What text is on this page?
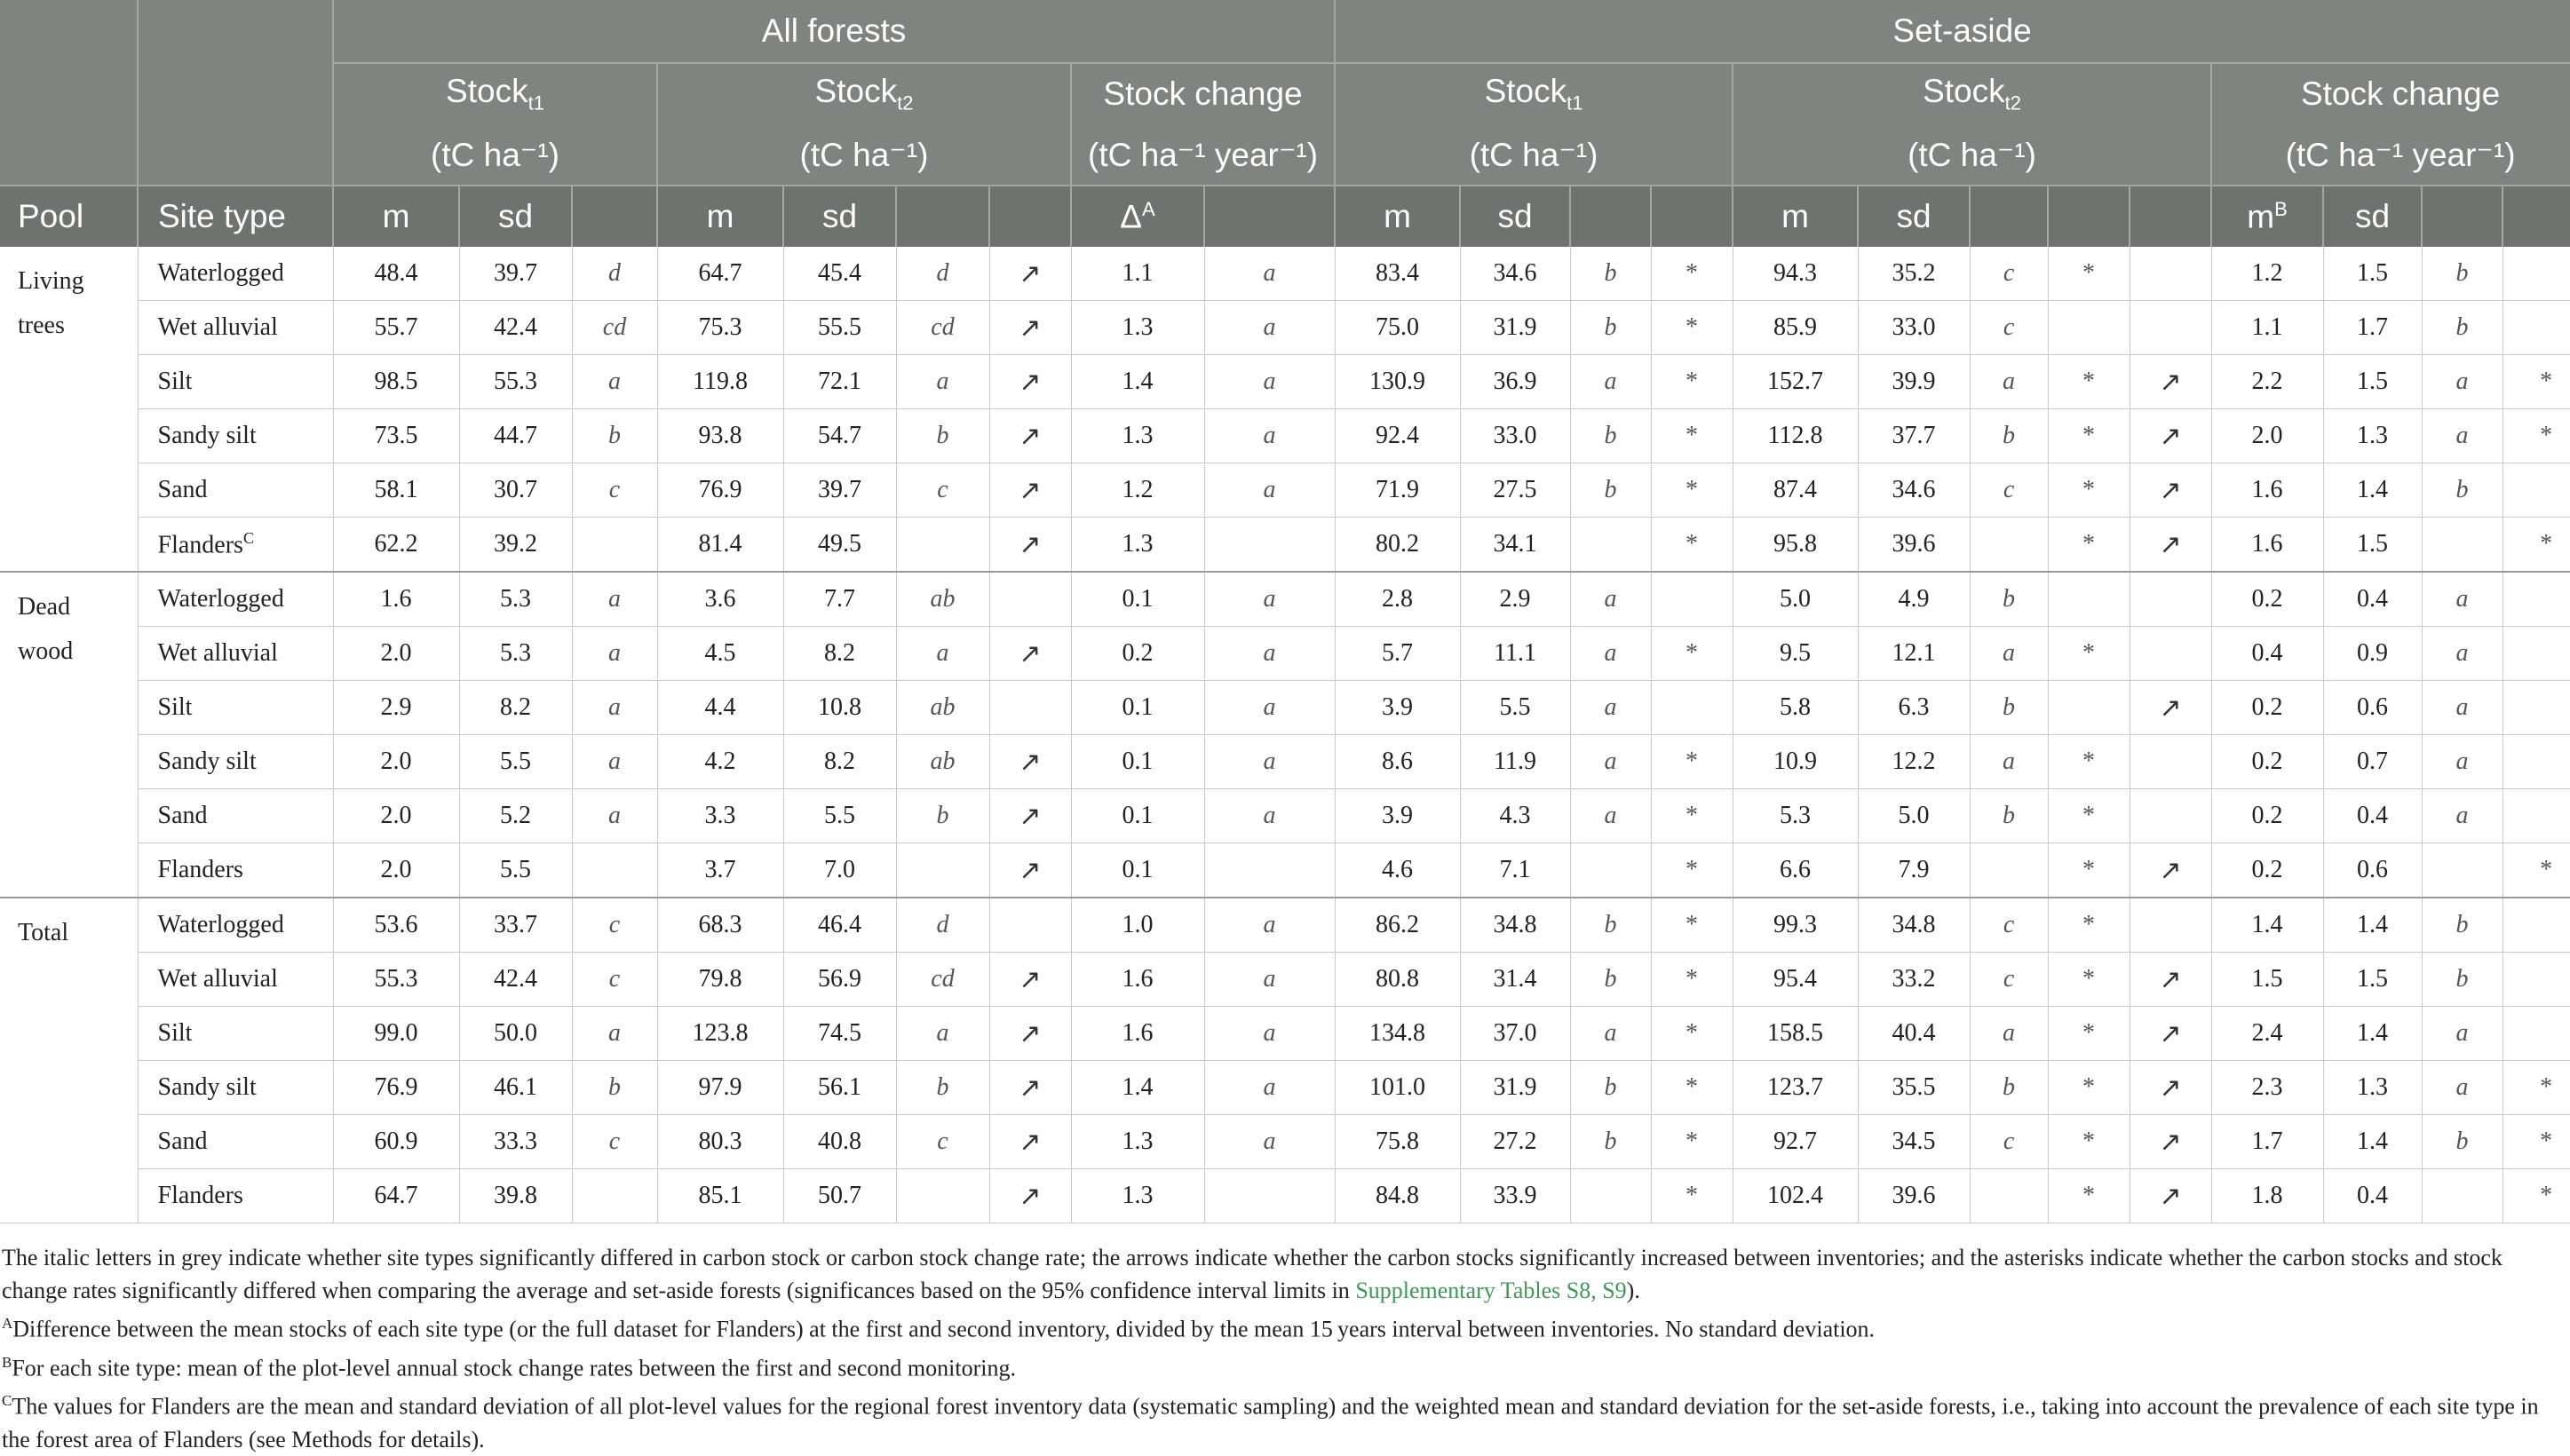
		All forests									Set-aside												
		Stock$_{t1}$			Stock$_{t2}$				Stock change		Stock$_{t1}$				Stock$_{t2}$					Stock change			
		(tC ha⁻¹)			(tC ha⁻¹)				(tC ha⁻¹ year⁻¹)		(tC ha⁻¹)				(tC ha⁻¹)					(tC ha⁻¹ year⁻¹)			
Pool	Site type	m	sd		m	sd			$\Delta^A$		m	sd			m	sd				$m^B$	sd		
Living
trees	Waterlogged	48.4	39.7	d	64.7	45.4	d	↗	1.1	a	83.4	34.6	b	*	94.3	35.2	c	*		1.2	1.5	b	
	Wet alluvial	55.7	42.4	cd	75.3	55.5	cd	↗	1.3	a	75.0	31.9	b	*	85.9	33.0	c			1.1	1.7	b	
	Silt	98.5	55.3	a	119.8	72.1	a	↗	1.4	a	130.9	36.9	a	*	152.7	39.9	a	*	↗	2.2	1.5	a	*
	Sandy silt	73.5	44.7	b	93.8	54.7	b	↗	1.3	a	92.4	33.0	b	*	112.8	37.7	b	*	↗	2.0	1.3	a	*
	Sand	58.1	30.7	c	76.9	39.7	c	↗	1.2	a	71.9	27.5	b	*	87.4	34.6	c	*	↗	1.6	1.4	b	
	Flanders$^C$	62.2	39.2		81.4	49.5		↗	1.3		80.2	34.1		*	95.8	39.6		*	↗	1.6	1.5		*
Dead
wood	Waterlogged	1.6	5.3	a	3.6	7.7	ab		0.1	a	2.8	2.9	a		5.0	4.9	b			0.2	0.4	a	
	Wet alluvial	2.0	5.3	a	4.5	8.2	a	↗	0.2	a	5.7	11.1	a	*	9.5	12.1	a	*		0.4	0.9	a	
	Silt	2.9	8.2	a	4.4	10.8	ab		0.1	a	3.9	5.5	a		5.8	6.3	b		↗	0.2	0.6	a	
	Sandy silt	2.0	5.5	a	4.2	8.2	ab	↗	0.1	a	8.6	11.9	a	*	10.9	12.2	a	*		0.2	0.7	a	
	Sand	2.0	5.2	a	3.3	5.5	b	↗	0.1	a	3.9	4.3	a	*	5.3	5.0	b	*		0.2	0.4	a	
	Flanders	2.0	5.5		3.7	7.0		↗	0.1		4.6	7.1		*	6.6	7.9		*	↗	0.2	0.6		*
Total	Waterlogged	53.6	33.7	c	68.3	46.4	d		1.0	a	86.2	34.8	b	*	99.3	34.8	c	*		1.4	1.4	b	
	Wet alluvial	55.3	42.4	c	79.8	56.9	cd	↗	1.6	a	80.8	31.4	b	*	95.4	33.2	c	*	↗	1.5	1.5	b	
	Silt	99.0	50.0	a	123.8	74.5	a	↗	1.6	a	134.8	37.0	a	*	158.5	40.4	a	*	↗	2.4	1.4	a	
	Sandy silt	76.9	46.1	b	97.9	56.1	b	↗	1.4	a	101.0	31.9	b	*	123.7	35.5	b	*	↗	2.3	1.3	a	*
	Sand	60.9	33.3	c	80.3	40.8	c	↗	1.3	a	75.8	27.2	b	*	92.7	34.5	c	*	↗	1.7	1.4	b	*
	Flanders	64.7	39.8		85.1	50.7		↗	1.3		84.8	33.9		*	102.4	39.6		*	↗	1.8	0.4		*

The italic letters in grey indicate whether site types significantly differed in carbon stock or carbon stock change rate; the arrows indicate whether the carbon stocks significantly increased between inventories; and the asterisks indicate whether the carbon stocks and stock change rates significantly differed when comparing the average and set-aside forests (significances based on the 95% confidence interval limits in Supplementary Tables S8, S9).

$^A$Difference between the mean stocks of each site type (or the full dataset for Flanders) at the first and second inventory, divided by the mean 15 years interval between inventories. No standard deviation.

$^B$For each site type: mean of the plot-level annual stock change rates between the first and second monitoring.

$^C$The values for Flanders are the mean and standard deviation of all plot-level values for the regional forest inventory data (systematic sampling) and the weighted mean and standard deviation for the set-aside forests, i.e., taking into account the prevalence of each site type in the forest area of Flanders (see Methods for details).
